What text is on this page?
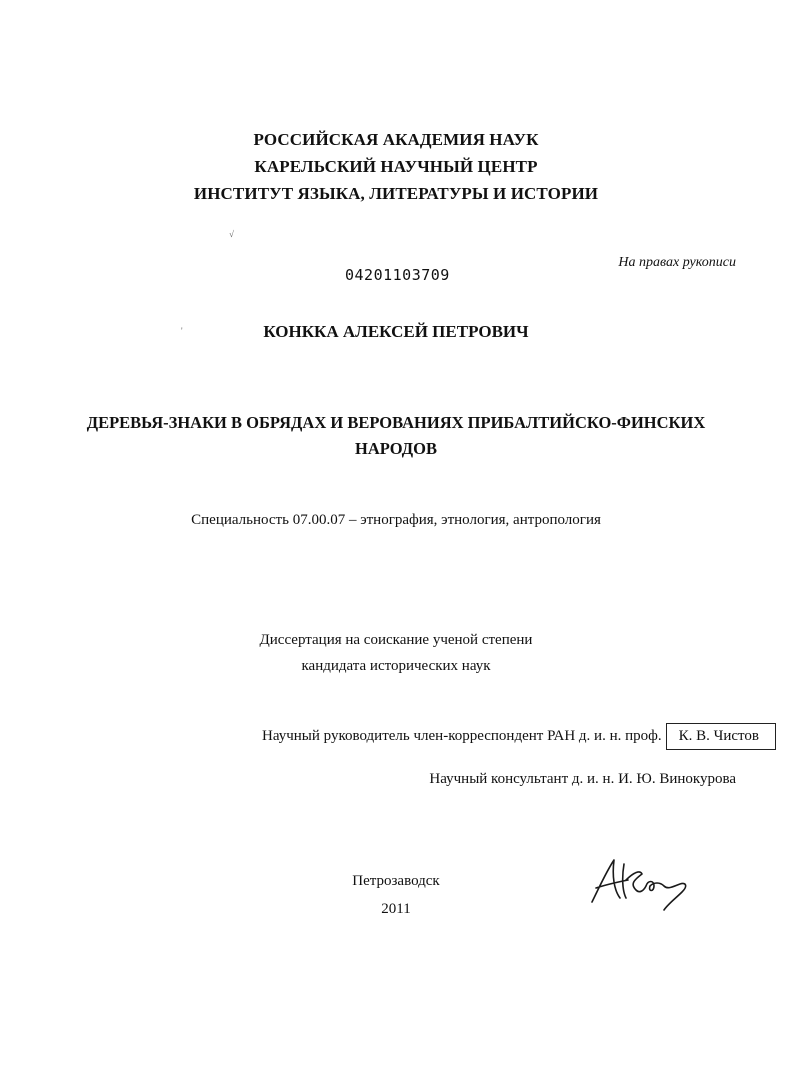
РОССИЙСКАЯ АКАДЕМИЯ НАУК
КАРЕЛЬСКИЙ НАУЧНЫЙ ЦЕНТР
ИНСТИТУТ ЯЗЫКА, ЛИТЕРАТУРЫ И ИСТОРИИ
√
'
На правах рукописи
04201103709
КОНККА АЛЕКСЕЙ ПЕТРОВИЧ
ДЕРЕВЬЯ-ЗНАКИ В ОБРЯДАХ И ВЕРОВАНИЯХ ПРИБАЛТИЙСКО-ФИНСКИХ
НАРОДОВ
Специальность 07.00.07 – этнография, этнология, антропология
Диссертация на соискание ученой степени
кандидата исторических наук
Научный руководитель член-корреспондент РАН д. и. н. проф.	К. В. Чистов
Научный консультант д. и. н. И. Ю. Винокурова
Петрозаводск
2011
